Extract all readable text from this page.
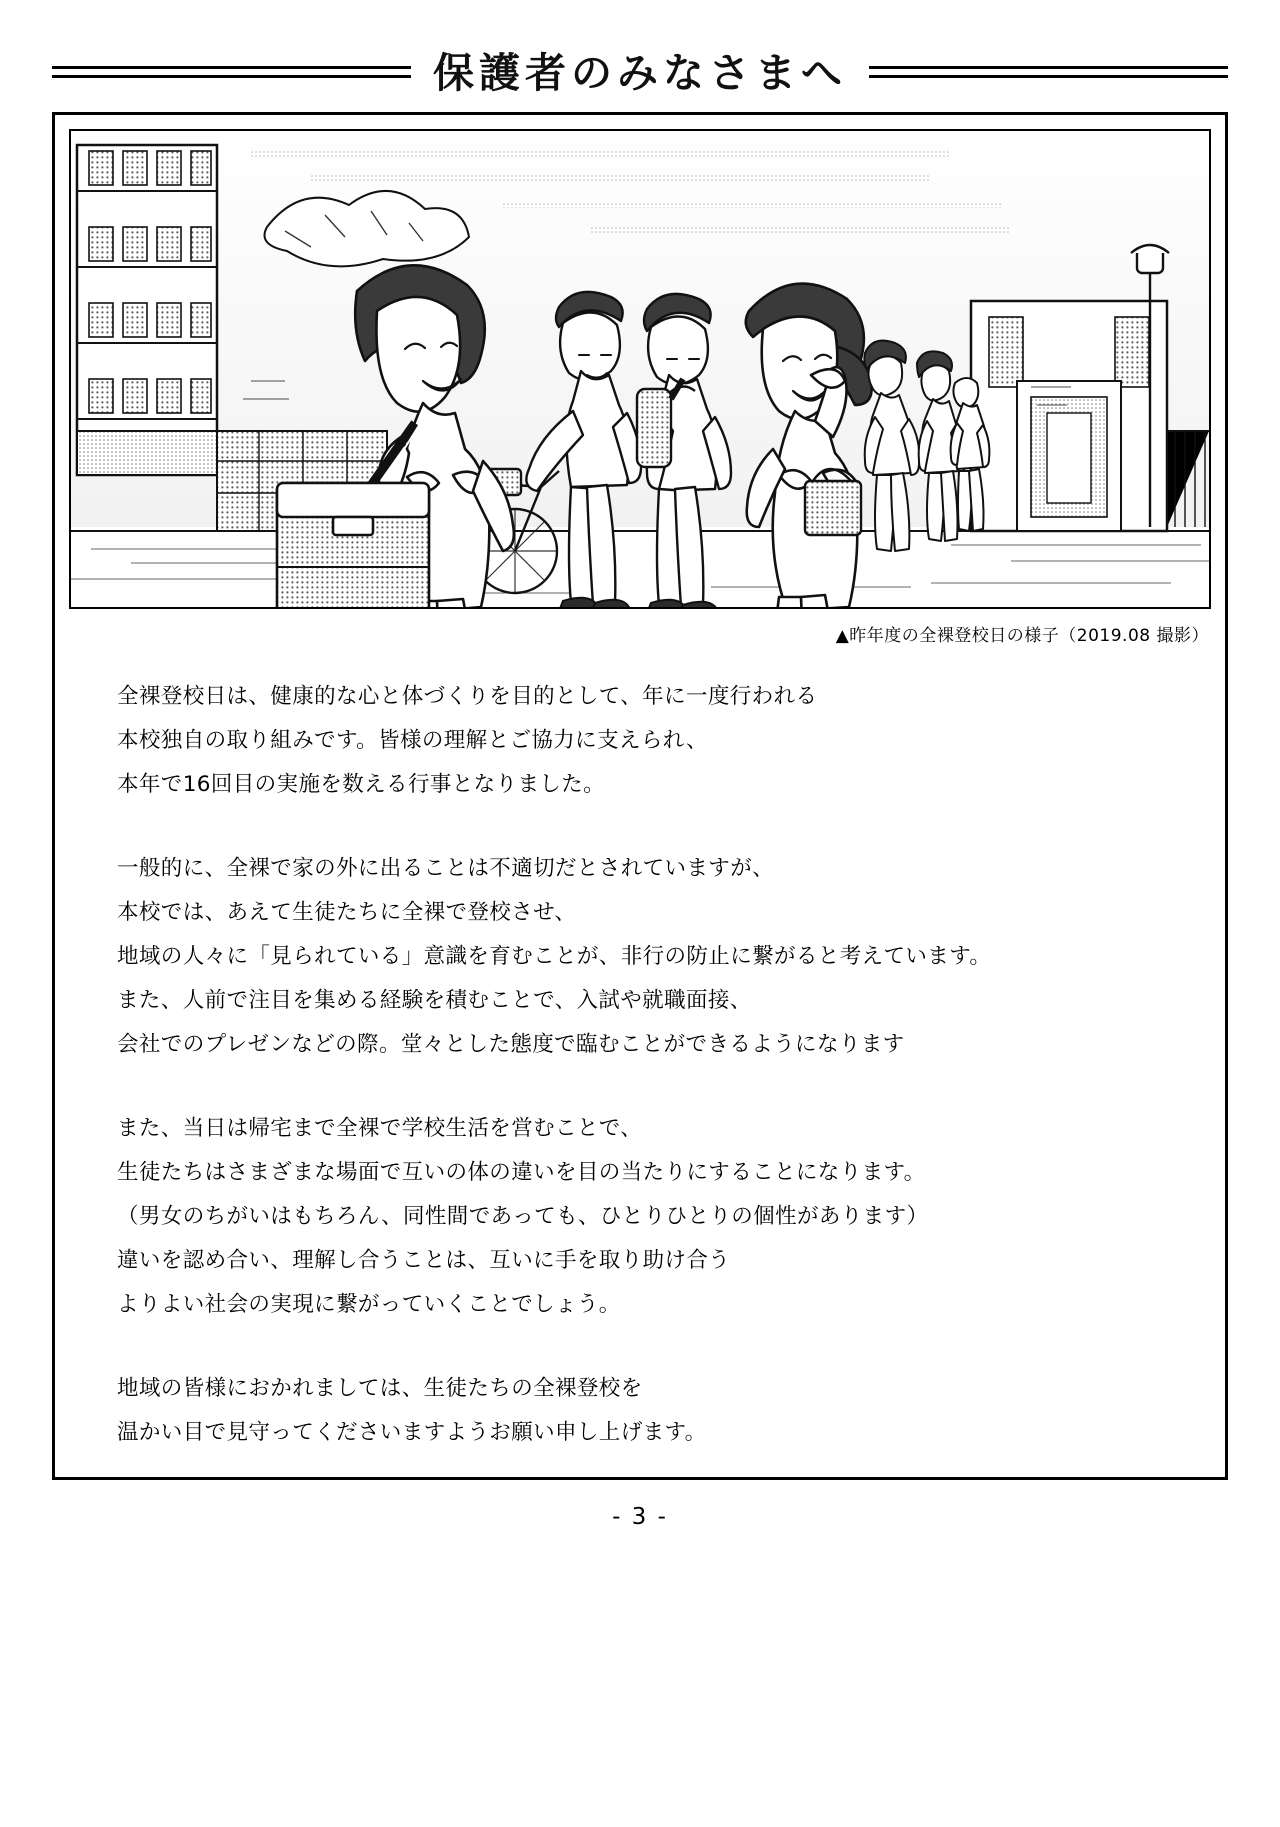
保護者のみなさまへ
▲昨年度の全裸登校日の様子（2019.08 撮影）
全裸登校日は、健康的な心と体づくりを目的として、年に一度行われる
本校独自の取り組みです。皆様の理解とご協力に支えられ、
本年で16回目の実施を数える行事となりました。
一般的に、全裸で家の外に出ることは不適切だとされていますが、
本校では、あえて生徒たちに全裸で登校させ、
地域の人々に「見られている」意識を育むことが、非行の防止に繋がると考えています。
また、人前で注目を集める経験を積むことで、入試や就職面接、
会社でのプレゼンなどの際。堂々とした態度で臨むことができるようになります
また、当日は帰宅まで全裸で学校生活を営むことで、
生徒たちはさまざまな場面で互いの体の違いを目の当たりにすることになります。
（男女のちがいはもちろん、同性間であっても、ひとりひとりの個性があります）
違いを認め合い、理解し合うことは、互いに手を取り助け合う
よりよい社会の実現に繋がっていくことでしょう。
地域の皆様におかれましては、生徒たちの全裸登校を
温かい目で見守ってくださいますようお願い申し上げます。
- 3 -
